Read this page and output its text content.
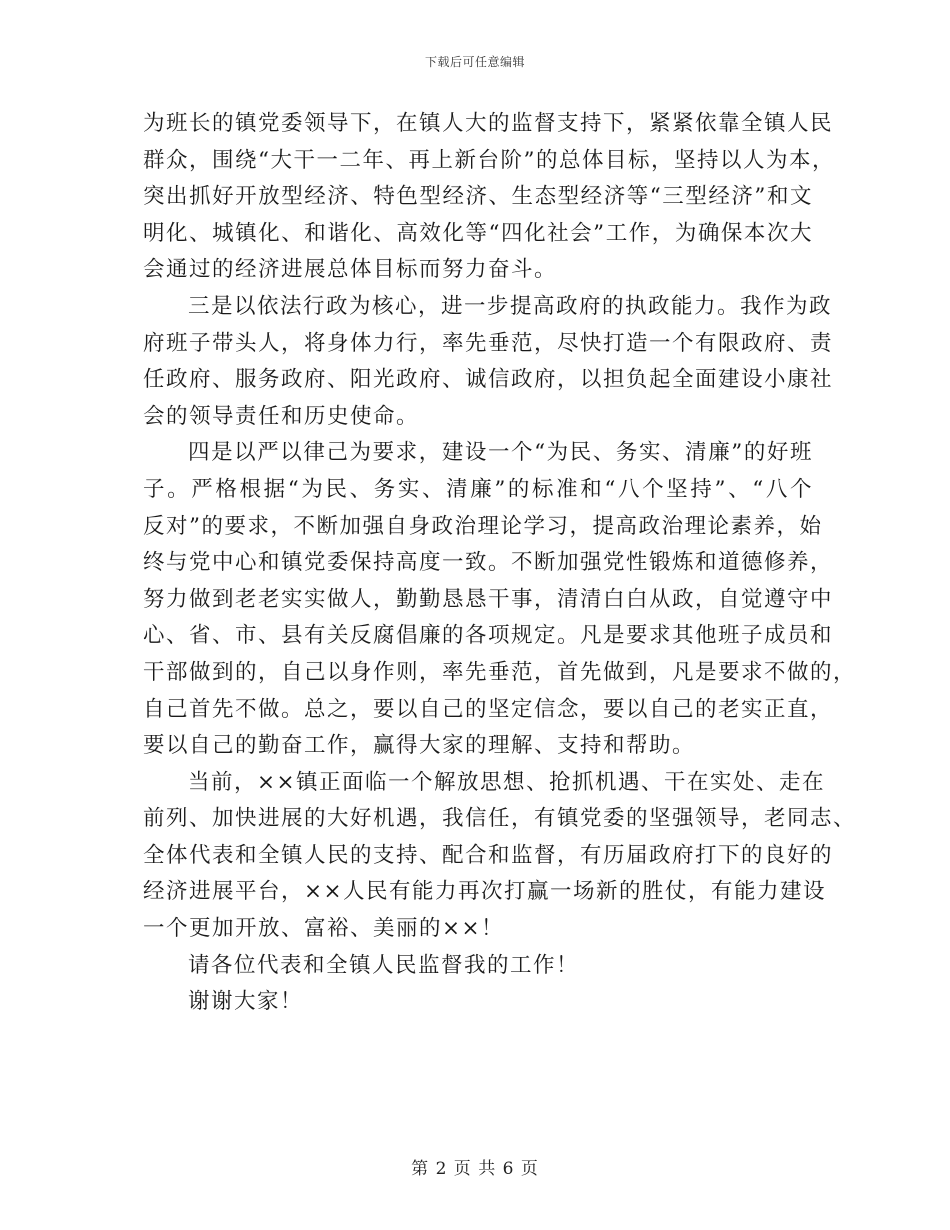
下载后可任意编辑
为班长的镇党委领导下，在镇人大的监督支持下，紧紧依靠全镇人民
群众，围绕“大干一二年、再上新台阶”的总体目标，坚持以人为本，
突出抓好开放型经济、特色型经济、生态型经济等“三型经济”和文
明化、城镇化、和谐化、高效化等“四化社会”工作，为确保本次大
会通过的经济进展总体目标而努力奋斗。
三是以依法行政为核心，进一步提高政府的执政能力。我作为政
府班子带头人，将身体力行，率先垂范，尽快打造一个有限政府、责
任政府、服务政府、阳光政府、诚信政府，以担负起全面建设小康社
会的领导责任和历史使命。
四是以严以律己为要求，建设一个“为民、务实、清廉”的好班
子。严格根据“为民、务实、清廉”的标准和“八个坚持”、“八个
反对”的要求，不断加强自身政治理论学习，提高政治理论素养，始
终与党中心和镇党委保持高度一致。不断加强党性锻炼和道德修养，
努力做到老老实实做人，勤勤恳恳干事，清清白白从政，自觉遵守中
心、省、市、县有关反腐倡廉的各项规定。凡是要求其他班子成员和
干部做到的，自己以身作则，率先垂范，首先做到，凡是要求不做的，
自己首先不做。总之，要以自己的坚定信念，要以自己的老实正直，
要以自己的勤奋工作，赢得大家的理解、支持和帮助。
当前，××镇正面临一个解放思想、抢抓机遇、干在实处、走在
前列、加快进展的大好机遇，我信任，有镇党委的坚强领导，老同志、
全体代表和全镇人民的支持、配合和监督，有历届政府打下的良好的
经济进展平台，××人民有能力再次打赢一场新的胜仗，有能力建设
一个更加开放、富裕、美丽的××！
请各位代表和全镇人民监督我的工作！
谢谢大家！
第 2 页 共 6 页
